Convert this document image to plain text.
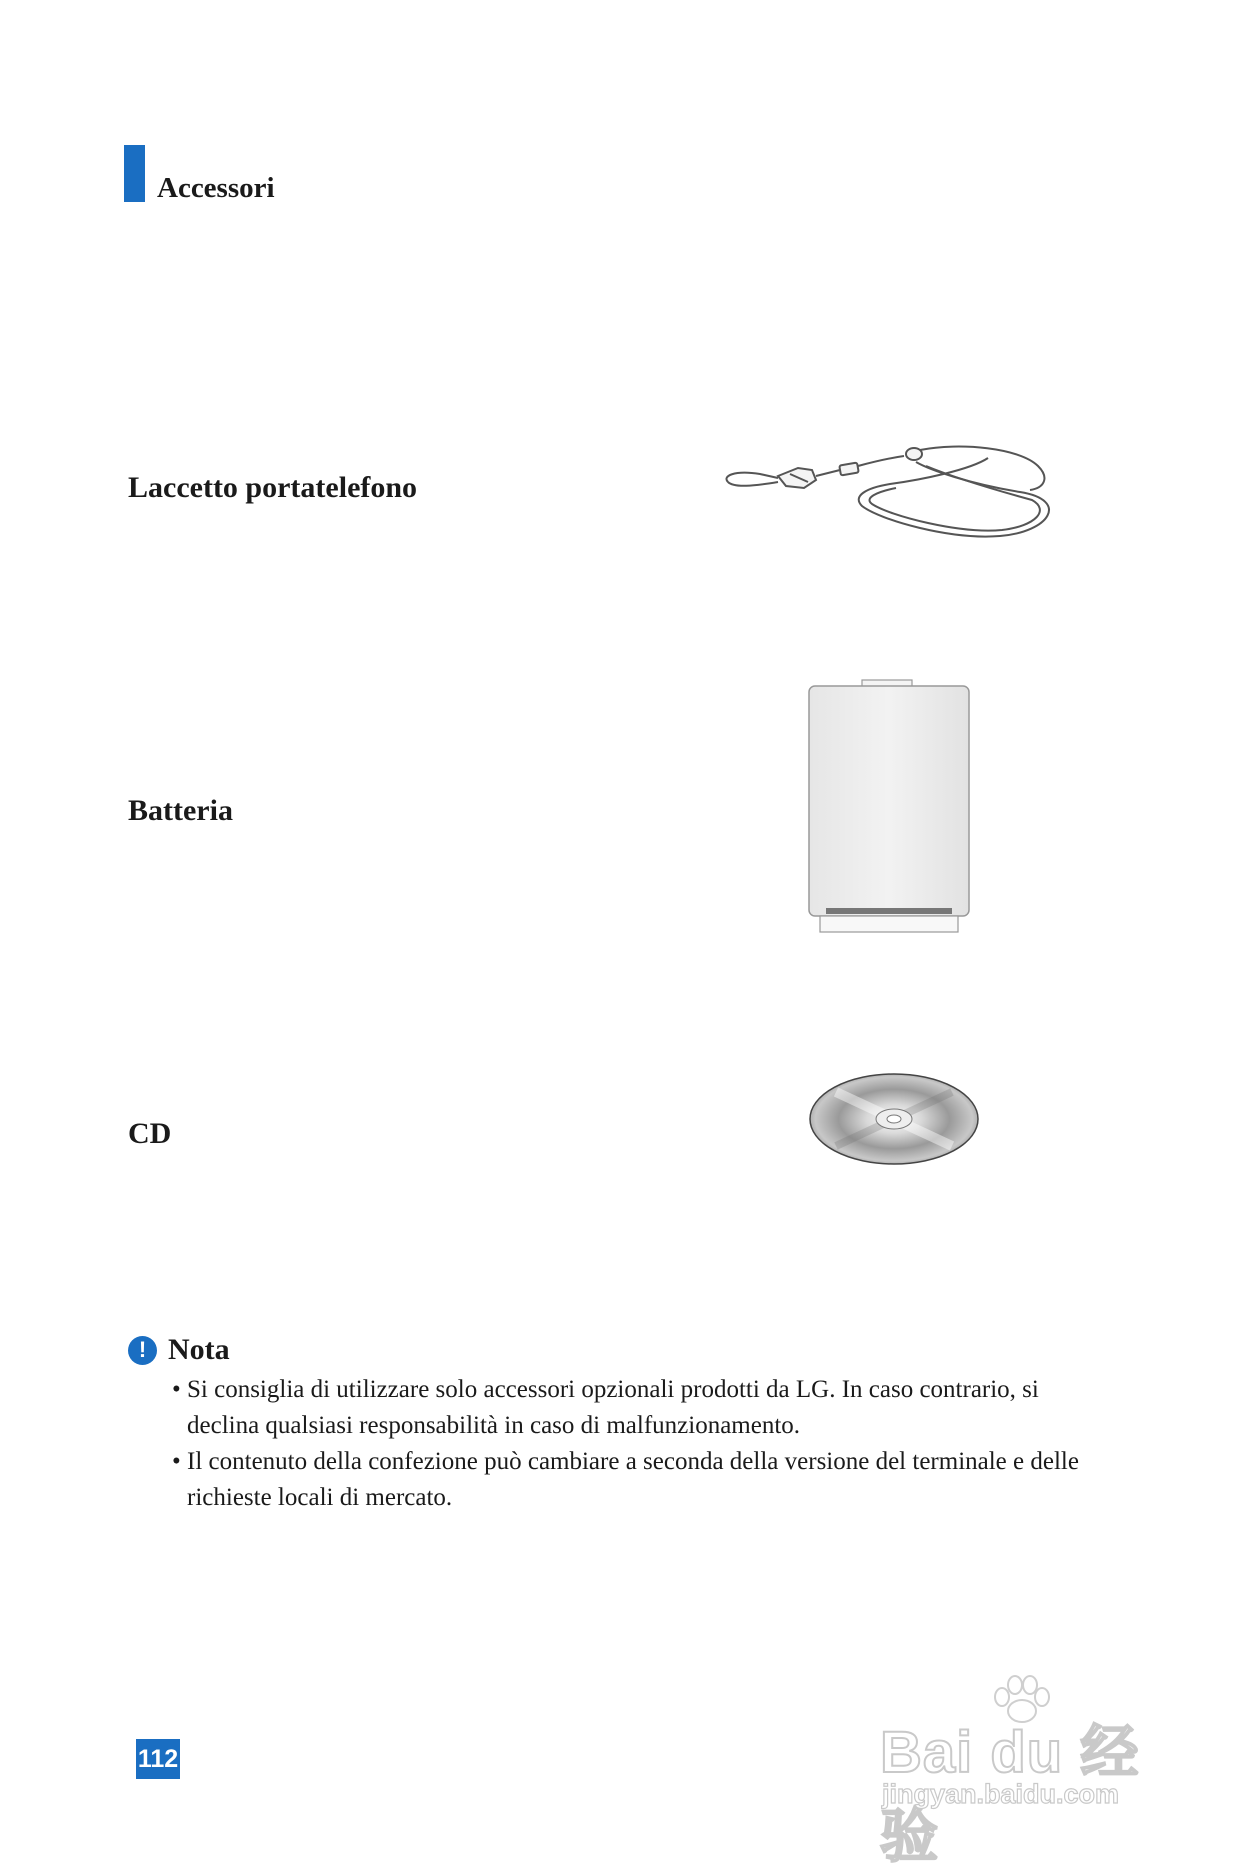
Accessori
Laccetto portatelefono
Batteria
CD
! Nota
• Si consiglia di utilizzare solo accessori opzionali prodotti da LG. In caso contrario, si declina qualsiasi responsabilità in caso di malfunzionamento.
• Il contenuto della confezione può cambiare a seconda della versione del terminale e delle richieste locali di mercato.
112	Bai du 经验
jingyan.baidu.com
